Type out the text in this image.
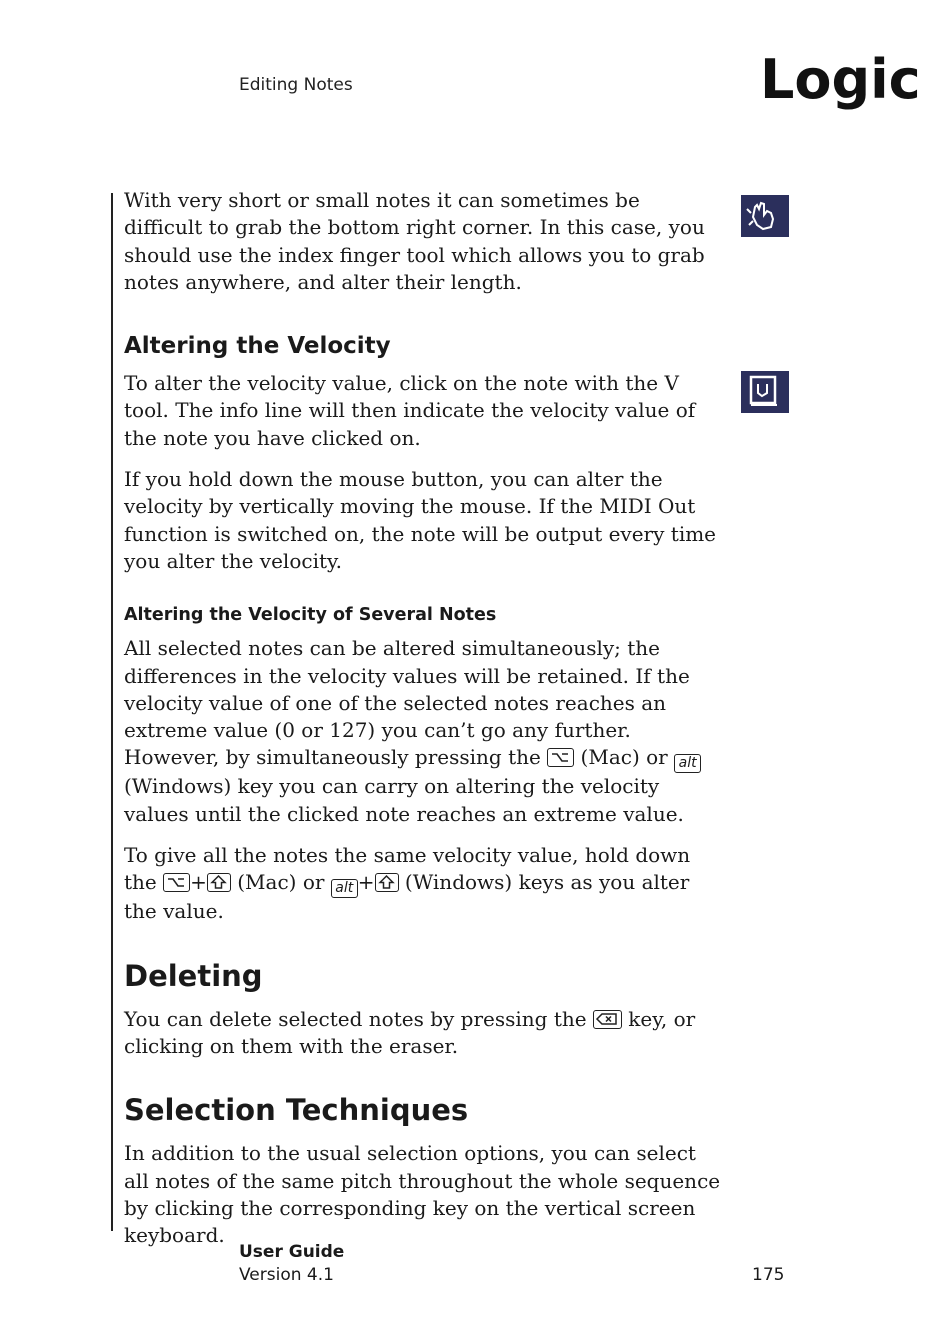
Editing Notes	Logic

With very short or small notes it can sometimes be difficult to grab the bottom right corner. In this case, you should use the index finger tool which allows you to grab notes anywhere, and alter their length.

Altering the Velocity

To alter the velocity value, click on the note with the V tool. The info line will then indicate the velocity value of the note you have clicked on.

If you hold down the mouse button, you can alter the velocity by vertically moving the mouse. If the MIDI Out function is switched on, the note will be output every time you alter the velocity.

Altering the Velocity of Several Notes

All selected notes can be altered simultaneously; the differences in the velocity values will be retained. If the velocity value of one of the selected notes reaches an extreme value (0 or 127) you can’t go any further. However, by simultaneously pressing the
(Mac) or alt (Windows) key you can carry on altering the velocity values until the clicked note reaches an extreme value.

To give all the notes the same velocity value, hold down the
+
(Mac) or alt +
(Windows) keys as you alter the value.

Deleting

You can delete selected notes by pressing the
key, or clicking on them with the eraser.

Selection Techniques

In addition to the usual selection options, you can select all notes of the same pitch throughout the whole sequence by clicking the corresponding key on the vertical screen keyboard.

User Guide
Version 4.1	175
